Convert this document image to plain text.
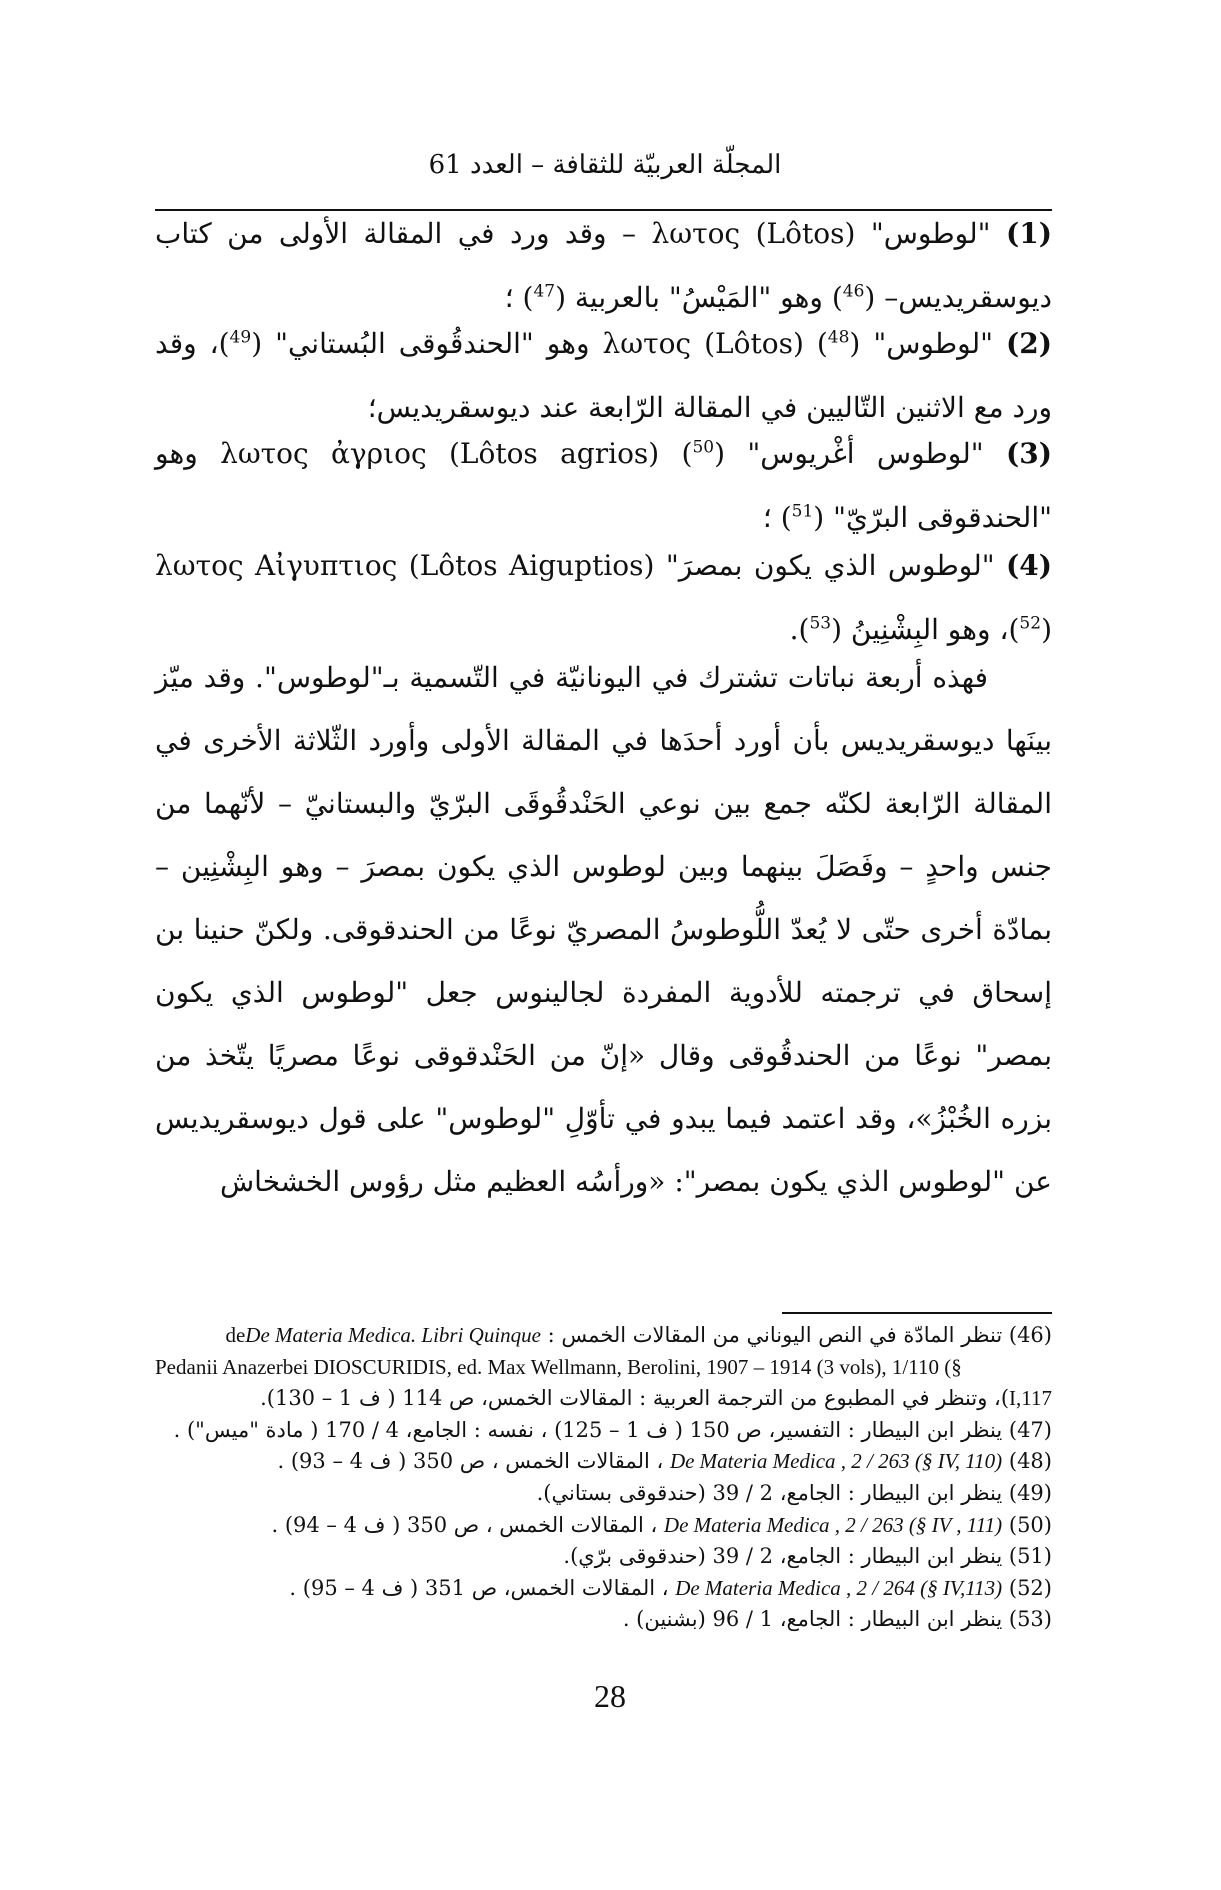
المجلّة العربيّة للثقافة – العدد 61
(1) "لوطوس" (Lôtos) λωτος – وقد ورد في المقالة الأولى من كتاب ديوسقريديس– ($^{46}$) وهو "المَيْسُ" بالعربية ($^{47}$) ؛
(2) "لوطوس" λωτος (Lôtos) ($^{48}$) وهو "الحندقُوقى البُستاني" ($^{49}$)، وقد ورد مع الاثنين التّاليين في المقالة الرّابعة عند ديوسقريديس؛
(3) "لوطوس أغْريوس" λωτος ἀγριος (Lôtos agrios) ($^{50}$) وهو "الحندقوقى البرّيّ" ($^{51}$) ؛
(4) "لوطوس الذي يكون بمصرَ" λωτος Αἰγυπτιος (Lôtos Aiguptios) ($^{52}$)، وهو البِشْنِينُ ($^{53}$).
فهذه أربعة نباتات تشترك في اليونانيّة في التّسمية بـ"لوطوس". وقد ميّز بينَها ديوسقريديس بأن أورد أحدَها في المقالة الأولى وأورد الثّلاثة الأخرى في المقالة الرّابعة لكنّه جمع بين نوعي الحَنْدقُوقَى البرّيّ والبستانيّ – لأنّهما من جنس واحدٍ – وفَصَلَ بينهما وبين لوطوس الذي يكون بمصرَ – وهو البِشْنِين – بمادّة أخرى حتّى لا يُعدّ اللُّوطوسُ المصريّ نوعًا من الحندقوقى. ولكنّ حنينا بن إسحاق في ترجمته للأدوية المفردة لجالينوس جعل "لوطوس الذي يكون بمصر" نوعًا من الحندقُوقى وقال «إنّ من الحَنْدقوقى نوعًا مصريًا يتّخذ من بزره الخُبْزُ»، وقد اعتمد فيما يبدو في تأوّلِ "لوطوس" على قول ديوسقريديس عن "لوطوس الذي يكون بمصر": «ورأسُه العظيم مثل رؤوس الخشخاش
(46) تنظر المادّة في النص اليوناني من المقالات الخمس : De Materia Medica. Libri Quinque de
Pedanii Anazerbei DIOSCURIDIS, ed. Max Wellmann, Berolini, 1907 – 1914 (3 vols), 1/110 (§
I,117)، وتنظر في المطبوع من الترجمة العربية : المقالات الخمس، ص 114 ( ف 1 – 130).
(47) ينظر ابن البيطار : التفسير، ص 150 ( ف 1 – 125) ، نفسه : الجامع، 4 / 170 ( مادة "ميس") .
(48) De Materia Medica , 2 / 263 (§ IV, 110) ، المقالات الخمس ، ص 350 ( ف 4 – 93) .
(49) ينظر ابن البيطار : الجامع، 2 / 39 (حندقوقى بستاني).
(50) De Materia Medica , 2 / 263 (§ IV , 111) ، المقالات الخمس ، ص 350 ( ف 4 – 94) .
(51) ينظر ابن البيطار : الجامع، 2 / 39 (حندقوقى برّي).
(52) De Materia Medica , 2 / 264 (§ IV,113) ، المقالات الخمس، ص 351 ( ف 4 – 95) .
(53) ينظر ابن البيطار : الجامع، 1 / 96 (بشنين) .
28
